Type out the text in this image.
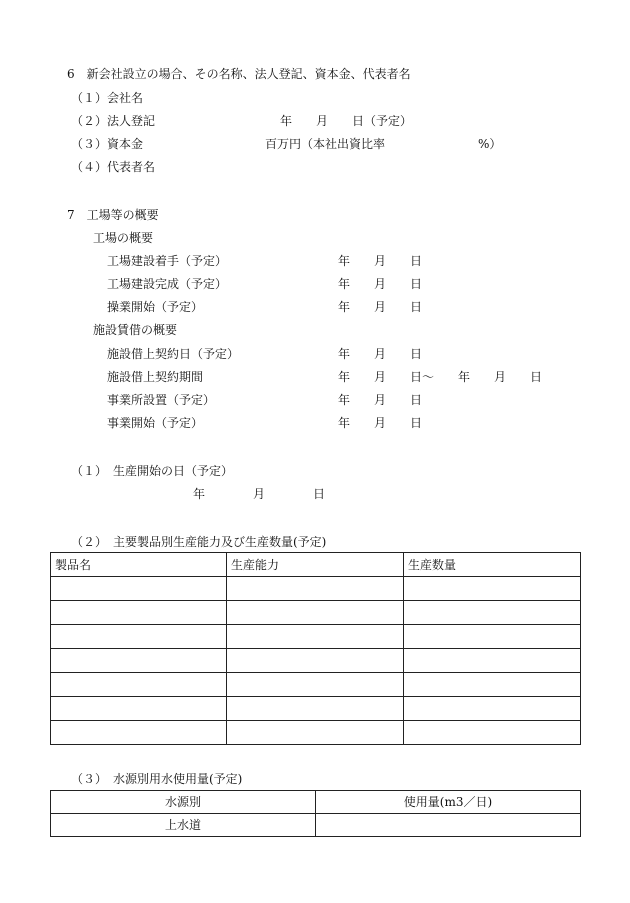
6　新会社設立の場合、その名称、法人登記、資本金、代表者名
（１）会社名
（２）法人登記	年　　月　　日（予定）
（３）資本金	百万円（本社出資比率	%）
（４）代表者名
7　工場等の概要
工場の概要
工場建設着手（予定）	年　　月　　日
工場建設完成（予定）	年　　月　　日
操業開始（予定）	年　　月　　日
施設賃借の概要
施設借上契約日（予定）	年　　月　　日
施設借上契約期間	年　　月　　日～　　年　　月　　日
事業所設置（予定）	年　　月　　日
事業開始（予定）	年　　月　　日
（１）　生産開始の日（予定）
年　　　　月　　　　日
（２）　主要製品別生産能力及び生産数量(予定)
製品名	生産能力	生産数量

（３）　水源別用水使用量(予定)
水源別	使用量(m3／日)
上水道	
